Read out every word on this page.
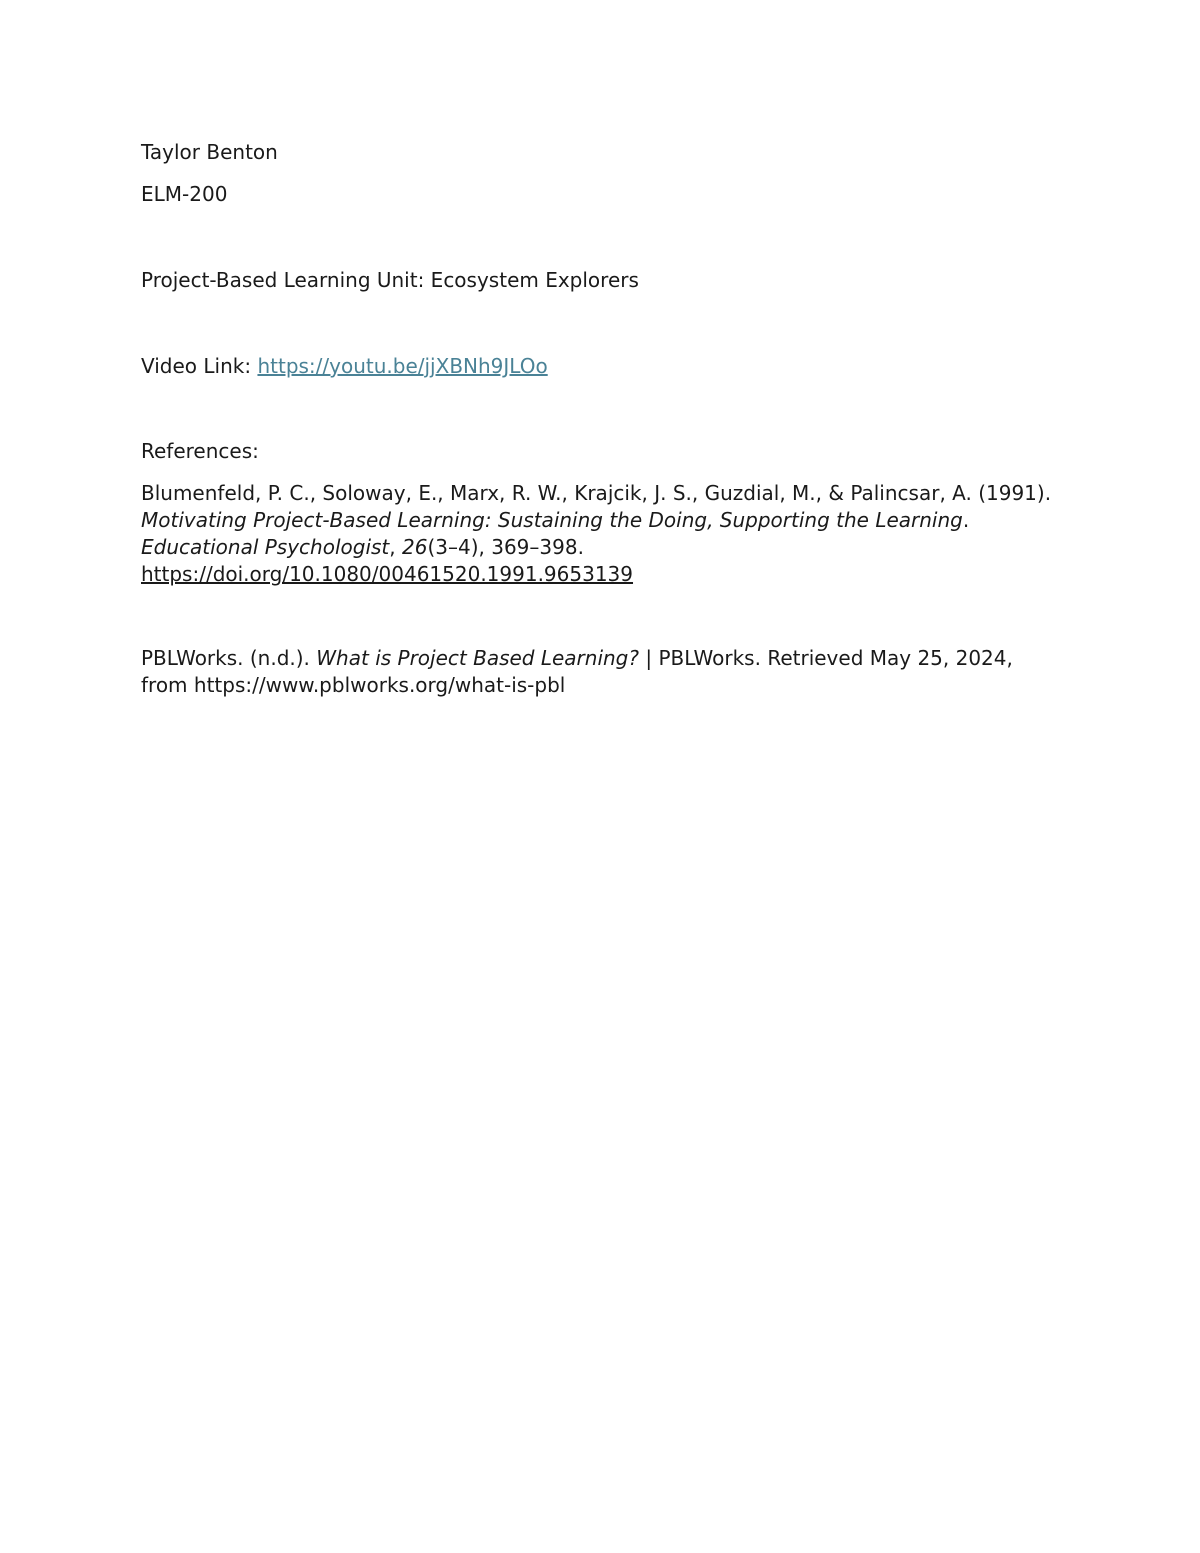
Taylor Benton

ELM-200

Project-Based Learning Unit: Ecosystem Explorers

Video Link: https://youtu.be/jjXBNh9JLOo

References:

Blumenfeld, P. C., Soloway, E., Marx, R. W., Krajcik, J. S., Guzdial, M., & Palincsar, A. (1991). Motivating Project-Based Learning: Sustaining the Doing, Supporting the Learning. Educational Psychologist, 26(3–4), 369–398.
https://doi.org/10.1080/00461520.1991.9653139

PBLWorks. (n.d.). What is Project Based Learning? | PBLWorks. Retrieved May 25, 2024, from https://www.pblworks.org/what-is-pbl
